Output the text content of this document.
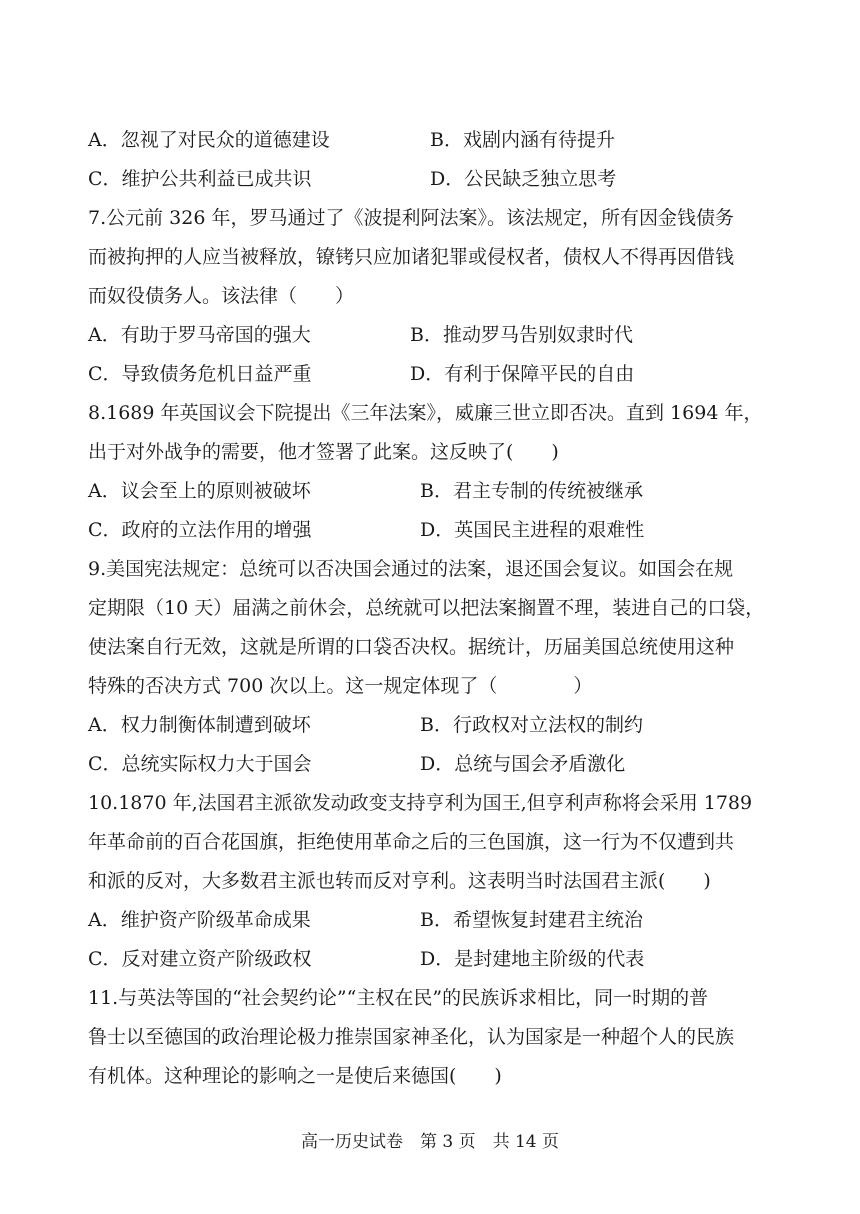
A．忽视了对民众的道德建设	B．戏剧内涵有待提升
C．维护公共利益已成共识	D．公民缺乏独立思考
7.公元前 326 年，罗马通过了《波提利阿法案》。该法规定，所有因金钱债务
而被拘押的人应当被释放，镣铐只应加诸犯罪或侵权者，债权人不得再因借钱
而奴役债务人。该法律（　　）
A．有助于罗马帝国的强大	B．推动罗马告别奴隶时代
C．导致债务危机日益严重	D．有利于保障平民的自由
8.1689 年英国议会下院提出《三年法案》，威廉三世立即否决。直到 1694 年，
出于对外战争的需要，他才签署了此案。这反映了(　　)
A．议会至上的原则被破坏	B．君主专制的传统被继承
C．政府的立法作用的增强	D．英国民主进程的艰难性
9.美国宪法规定：总统可以否决国会通过的法案，退还国会复议。如国会在规
定期限（10 天）届满之前休会，总统就可以把法案搁置不理，装进自己的口袋，
使法案自行无效，这就是所谓的口袋否决权。据统计，历届美国总统使用这种
特殊的否决方式 700 次以上。这一规定体现了（　　　　）
A．权力制衡体制遭到破坏	B．行政权对立法权的制约
C．总统实际权力大于国会	D．总统与国会矛盾激化
10.1870 年,法国君主派欲发动政变支持亨利为国王,但亨利声称将会采用 1789
年革命前的百合花国旗，拒绝使用革命之后的三色国旗，这一行为不仅遭到共
和派的反对，大多数君主派也转而反对亨利。这表明当时法国君主派(　　)
A．维护资产阶级革命成果	B．希望恢复封建君主统治
C．反对建立资产阶级政权	D．是封建地主阶级的代表
11.与英法等国的“社会契约论”“主权在民”的民族诉求相比，同一时期的普
鲁士以至德国的政治理论极力推崇国家神圣化，认为国家是一种超个人的民族
有机体。这种理论的影响之一是使后来德国(　　)
高一历史试卷　第 3 页　共 14 页
